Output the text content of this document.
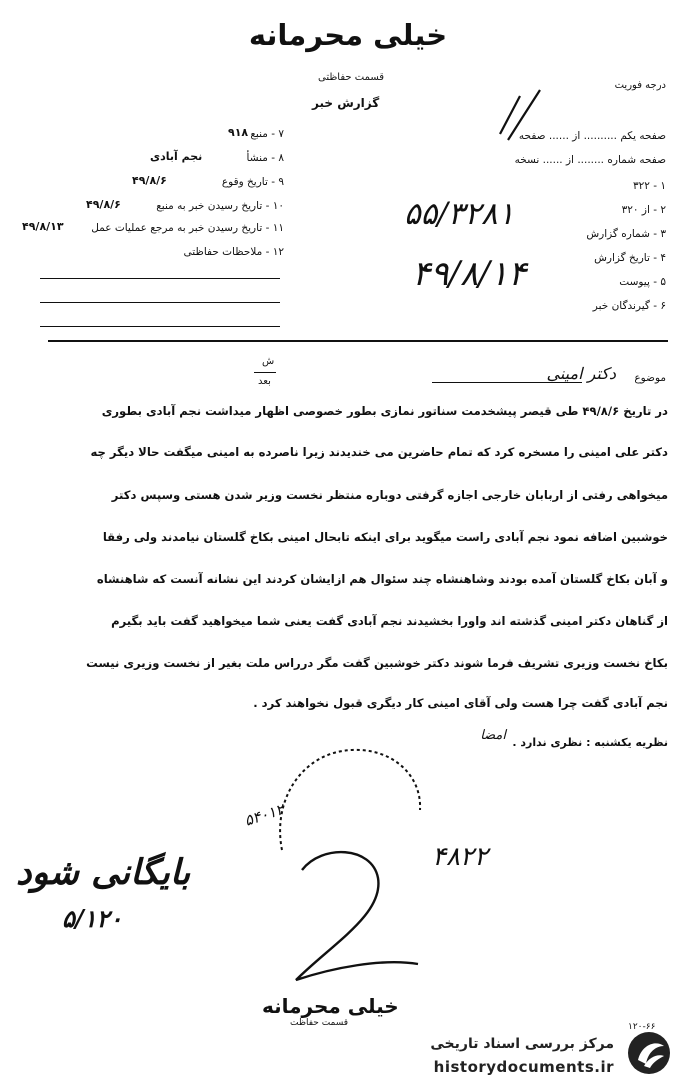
خیلی محرمانه
قسمت حفاظتی
گزارش خبر
درجه فوریت
۷ - منبع
۹۱۸
۸ - منشأ
نجم آبادی
۹ - تاریخ وقوع
۴۹/۸/۶
۱۰ - تاریخ رسیدن خبر به منبع
۴۹/۸/۶
۱۱ - تاریخ رسیدن خبر به مرجع عملیات عمل
۴۹/۸/۱۳
۱۲ - ملاحظات حفاظتی
صفحه یکم .......... از ...... صفحه
صفحه شماره ........ از ...... نسخه
۱ - ۳۲۲
۲ - از ۳۲۰
۳ - شماره گزارش
۴ - تاریخ گزارش
۵ - پیوست
۶ - گیرندگان خبر
۵۵/۳۲۸۱
۴۹/۸/۱۴
موضوع
دکتر امینی
ش
بعد
در تاریخ ۴۹/۸/۶ طی قیصر پیشخدمت سناتور نمازی بطور خصوصی اظهار میداشت نجم آبادی بطوری
دکتر علی امینی را مسخره کرد که تمام حاضرین می خندیدند زیرا ناصرده به امینی میگفت حالا دیگر چه
میخواهی رفتی از اربابان خارجی اجازه گرفتی دوباره منتظر نخست وزیر شدن هستی وسپس دکتر
خوشبین اضافه نمود نجم آبادی راست میگوید برای اینکه تابحال امینی بکاخ گلستان نیامدند ولی رفقا
و آبان بکاخ گلستان آمده بودند وشاهنشاه چند سئوال هم ازایشان کردند این نشانه آنست که شاهنشاه
از گناهان دکتر امینی گذشته اند واورا بخشیدند نجم آبادی گفت یعنی شما میخواهید گفت باید بگیرم
بکاخ نخست وزیری تشریف فرما شوند دکتر خوشبین گفت مگر درراس ملت بغیر از نخست وزیری نیست
نجم آبادی گفت چرا هست ولی آقای امینی کار دیگری قبول نخواهند کرد .
نظریه یکشنبه : نظری ندارد .
امضا
۵۴۰۱۲
۴۸۲۲
بایگانی شود
۵/۱۲۰
خیلی محرمانه
قسمت حفاظت	۱۲۰-۶۶
مرکز بررسی اسناد تاریخی
historydocuments.ir
